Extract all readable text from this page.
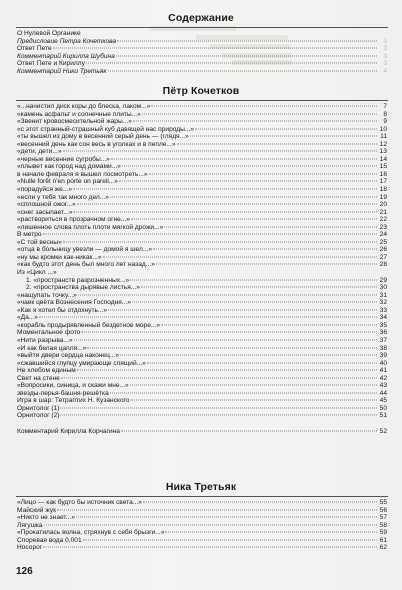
Содержание
О Нулевой Органике
Предисловие Петра Кочеткова	3
Ответ Пете	3
Комментарий Кирилла Шубина	3
Ответ Пете и Кириллу	3
Комментарий Ники Третьяк	4
Пётр Кочетков
«...начистил диск коры до блеска, лаком...»	7
«камень асфальт и солнечные плиты...»	8
«Звенит кровосмесительной жары...»	9
«с этот странный-страшный куб давящей нас природы...»	10
«ты вышел из дому в весенний серый день — (глядя...»	11
«весенний день как сон весь в уголках и в пепле...»	12
«дети, дети...»	13
«черные весенние сугробы...»	14
«плывет как город над домами...»	15
в начале февраля я вышел посмотреть...»	16
«Nulle forêt n'en porte un pareil...»	17
«порадуйся же...»	18
«если у тебя так много дел...»	19
«сплошной ожог...»	20
«снег засыпает...»	21
«раствориться в прозрачном огне...»	22
«лишенное слова плоть плоти мягкой дрожи...»	23
В метро	24
«С той весны»	25
«отца в больницу увезли — домой я шел...»	26
«ну мы кромки как-никак...»	27
«как будто этот день был много лет назад...»	28
Из «Цикл ...»
1. «пространств разрозненных...»	29
2. «пространства дырявые листья...»	30
«нащупать точку...»	31
«чаек цвёта Вознесения Господня...»	32
«Как я хотел бы отдохнуть...»	33
«Да...»	34
«корабль продырявленный бездетное море...»	35
Моментальное фото	36
«Нити разрыва...»	37
«И как белая цапля...»	38
«выйти двери сердца наконец...»	39
«сжавшийся глупцу умирающе спящий...»	40
Не хлебом единым	41
Свет на стене	42
«Вопросики, синица, и скажи мне...»	43
звезды-перья-башня-решётка	44
Игра в шар: Тетраптих Н. Кузанского	45
Орнитолог (1)	50
Орнитолог (2)	51
Комментарий Кирилла Корчагина	52
Ника Третьяк
«Лицо — как будто бы источник света...»	55
Майский жук	56
«Никто не знает...»	57
Лягушка	58
«Прокатилась волна, стряхнув с себя брызги...»	59
Споревая вода 0,001	61
Носорог	62
126
